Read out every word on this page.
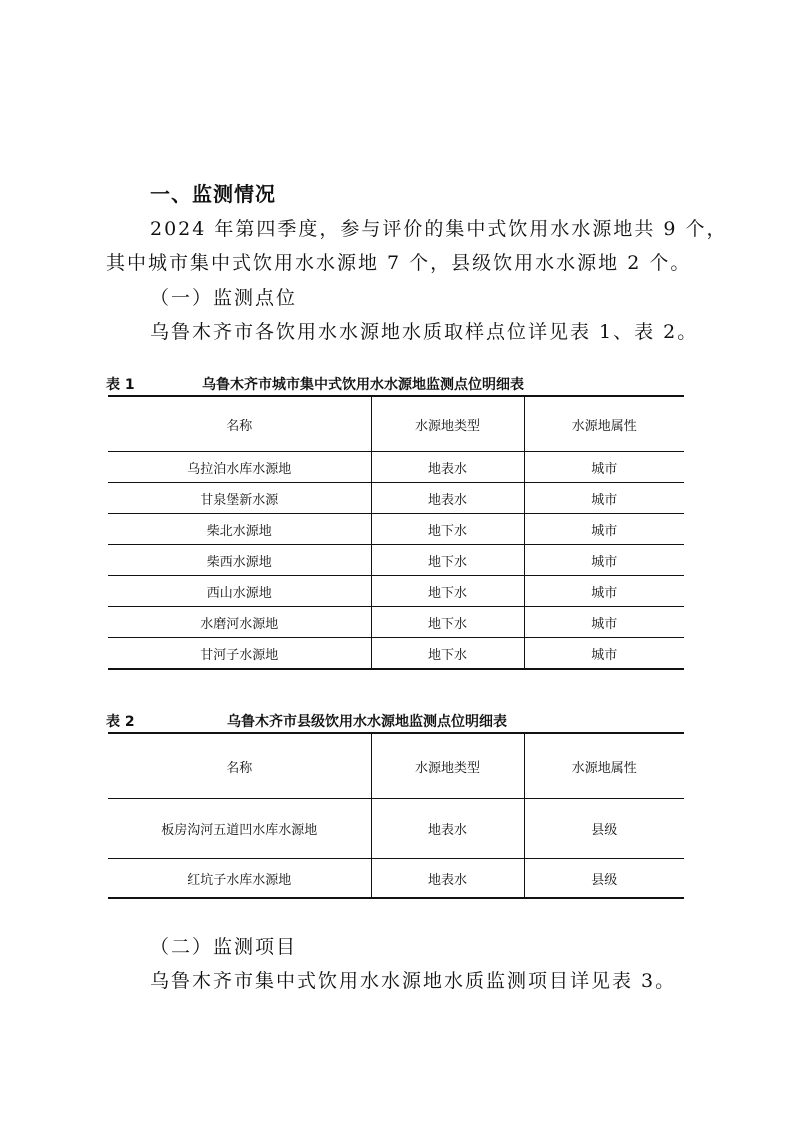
一、监测情况
2024 年第四季度，参与评价的集中式饮用水水源地共 9 个，
其中城市集中式饮用水水源地 7 个，县级饮用水水源地 2 个。
（一）监测点位
乌鲁木齐市各饮用水水源地水质取样点位详见表 1、表 2。
表 1	乌鲁木齐市城市集中式饮用水水源地监测点位明细表
名称	水源地类型	水源地属性
乌拉泊水库水源地	地表水	城市
甘泉堡新水源	地表水	城市
柴北水源地	地下水	城市
柴西水源地	地下水	城市
西山水源地	地下水	城市
水磨河水源地	地下水	城市
甘河子水源地	地下水	城市
表 2	乌鲁木齐市县级饮用水水源地监测点位明细表
名称	水源地类型	水源地属性
板房沟河五道凹水库水源地	地表水	县级
红坑子水库水源地	地表水	县级
（二）监测项目
乌鲁木齐市集中式饮用水水源地水质监测项目详见表 3。
